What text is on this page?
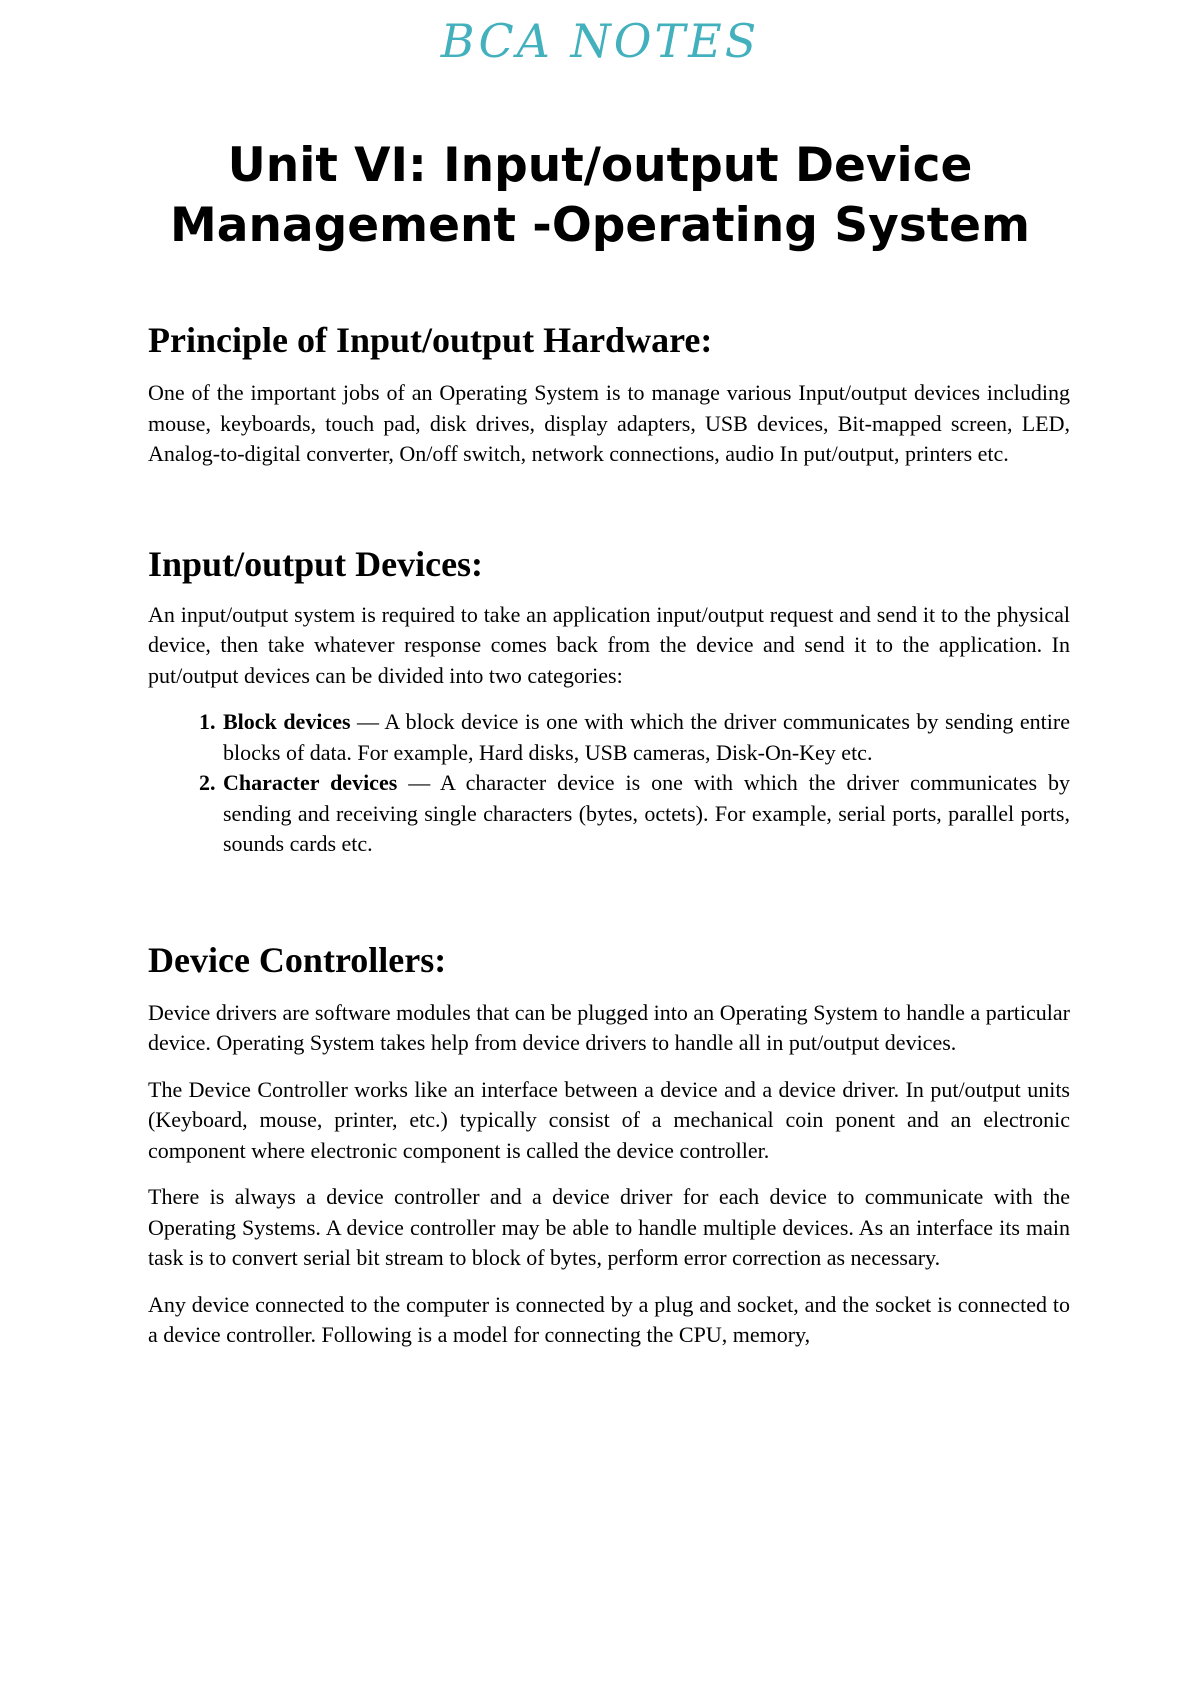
BCA NOTES
Unit VI: Input/output Device
Management -Operating System
Principle of Input/output Hardware:

One of the important jobs of an Operating System is to manage various Input/output devices including mouse, keyboards, touch pad, disk drives, display adapters, USB devices, Bit-mapped screen, LED, Analog-to-digital converter, On/off switch, network connections, audio In put/output, printers etc.

Input/output Devices:

An input/output system is required to take an application input/output request and send it to the physical device, then take whatever response comes back from the device and send it to the application. In put/output devices can be divided into two categories:

1. Block devices — A block device is one with which the driver communicates by sending entire blocks of data. For example, Hard disks, USB cameras, Disk-On-Key etc.
2. Character devices — A character device is one with which the driver communicates by sending and receiving single characters (bytes, octets). For example, serial ports, parallel ports, sounds cards etc.
Device Controllers:

Device drivers are software modules that can be plugged into an Operating System to handle a particular device. Operating System takes help from device drivers to handle all in put/output devices.

The Device Controller works like an interface between a device and a device driver. In put/output units (Keyboard, mouse, printer, etc.) typically consist of a mechanical coin ponent and an electronic component where electronic component is called the device controller.

There is always a device controller and a device driver for each device to communicate with the Operating Systems. A device controller may be able to handle multiple devices. As an interface its main task is to convert serial bit stream to block of bytes, perform error correction as necessary.

Any device connected to the computer is connected by a plug and socket, and the socket is connected to a device controller. Following is a model for connecting the CPU, memory,
